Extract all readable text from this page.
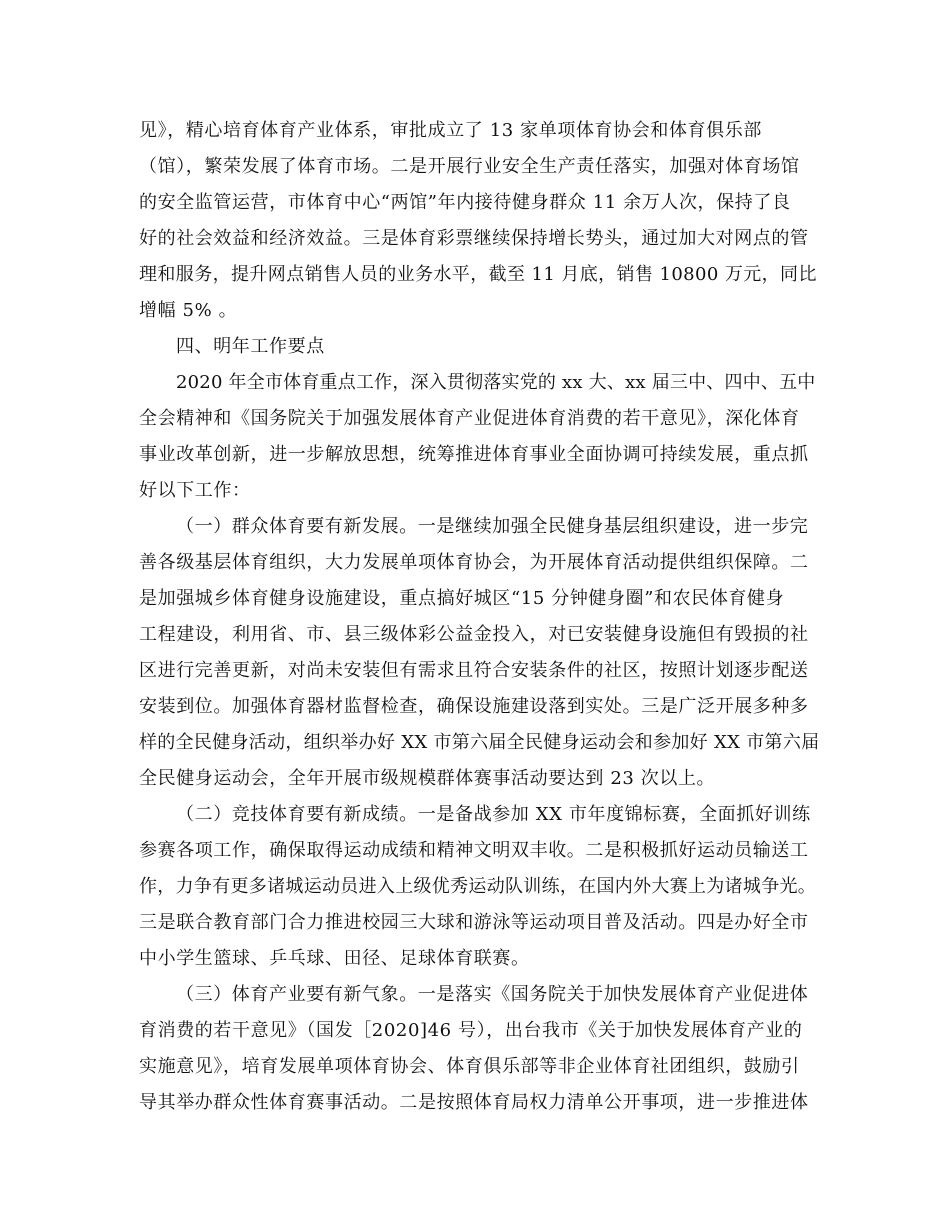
见》，精心培育体育产业体系，审批成立了 13 家单项体育协会和体育俱乐部
（馆），繁荣发展了体育市场。二是开展行业安全生产责任落实，加强对体育场馆
的安全监管运营，市体育中心“两馆”年内接待健身群众 11 余万人次，保持了良
好的社会效益和经济效益。三是体育彩票继续保持增长势头，通过加大对网点的管
理和服务，提升网点销售人员的业务水平，截至 11 月底，销售 10800 万元，同比
增幅 5% 。
四、明年工作要点
2020 年全市体育重点工作，深入贯彻落实党的 xx 大、xx 届三中、四中、五中
全会精神和《国务院关于加强发展体育产业促进体育消费的若干意见》，深化体育
事业改革创新，进一步解放思想，统筹推进体育事业全面协调可持续发展，重点抓
好以下工作：
（一）群众体育要有新发展。一是继续加强全民健身基层组织建设，进一步完
善各级基层体育组织，大力发展单项体育协会，为开展体育活动提供组织保障。二
是加强城乡体育健身设施建设，重点搞好城区“15 分钟健身圈”和农民体育健身
工程建设，利用省、市、县三级体彩公益金投入，对已安装健身设施但有毁损的社
区进行完善更新，对尚未安装但有需求且符合安装条件的社区，按照计划逐步配送
安装到位。加强体育器材监督检查，确保设施建设落到实处。三是广泛开展多种多
样的全民健身活动，组织举办好 XX 市第六届全民健身运动会和参加好 XX 市第六届
全民健身运动会，全年开展市级规模群体赛事活动要达到 23 次以上。
（二）竞技体育要有新成绩。一是备战参加 XX 市年度锦标赛，全面抓好训练
参赛各项工作，确保取得运动成绩和精神文明双丰收。二是积极抓好运动员输送工
作，力争有更多诸城运动员进入上级优秀运动队训练，在国内外大赛上为诸城争光。
三是联合教育部门合力推进校园三大球和游泳等运动项目普及活动。四是办好全市
中小学生篮球、乒乓球、田径、足球体育联赛。
（三）体育产业要有新气象。一是落实《国务院关于加快发展体育产业促进体
育消费的若干意见》（国发［2020]46 号），出台我市《关于加快发展体育产业的
实施意见》，培育发展单项体育协会、体育俱乐部等非企业体育社团组织，鼓励引
导其举办群众性体育赛事活动。二是按照体育局权力清单公开事项，进一步推进体
